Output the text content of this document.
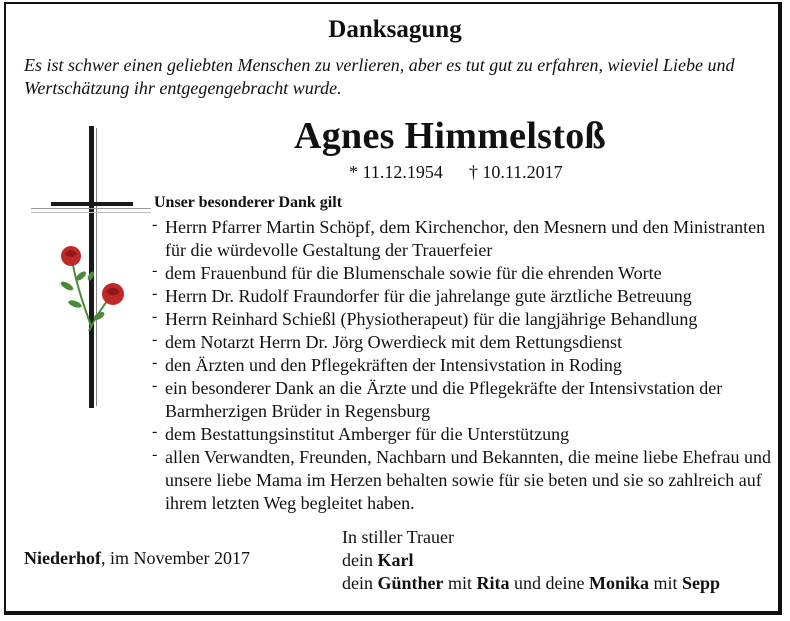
Danksagung
Es ist schwer einen geliebten Menschen zu verlieren, aber es tut gut zu erfahren, wieviel Liebe und Wertschätzung ihr entgegengebracht wurde.
Agnes Himmelstoß
* 11.12.1954 † 10.11.2017
Unser besonderer Dank gilt
- Herrn Pfarrer Martin Schöpf, dem Kirchenchor, den Mesnern und den Ministranten für die würdevolle Gestaltung der Trauerfeier
- dem Frauenbund für die Blumenschale sowie für die ehrenden Worte
- Herrn Dr. Rudolf Fraundorfer für die jahrelange gute ärztliche Betreuung
- Herrn Reinhard Schießl (Physiotherapeut) für die langjährige Behandlung
- dem Notarzt Herrn Dr. Jörg Owerdieck mit dem Rettungsdienst
- den Ärzten und den Pflegekräften der Intensivstation in Roding
- ein besonderer Dank an die Ärzte und die Pflegekräfte der Intensivstation der Barmherzigen Brüder in Regensburg
- dem Bestattungsinstitut Amberger für die Unterstützung
- allen Verwandten, Freunden, Nachbarn und Bekannten, die meine liebe Ehefrau und unsere liebe Mama im Herzen behalten sowie für sie beten und sie so zahlreich auf ihrem letzten Weg begleitet haben.
Niederhof, im November 2017
In stiller Trauer
dein Karl
dein Günther mit Rita und deine Monika mit Sepp
